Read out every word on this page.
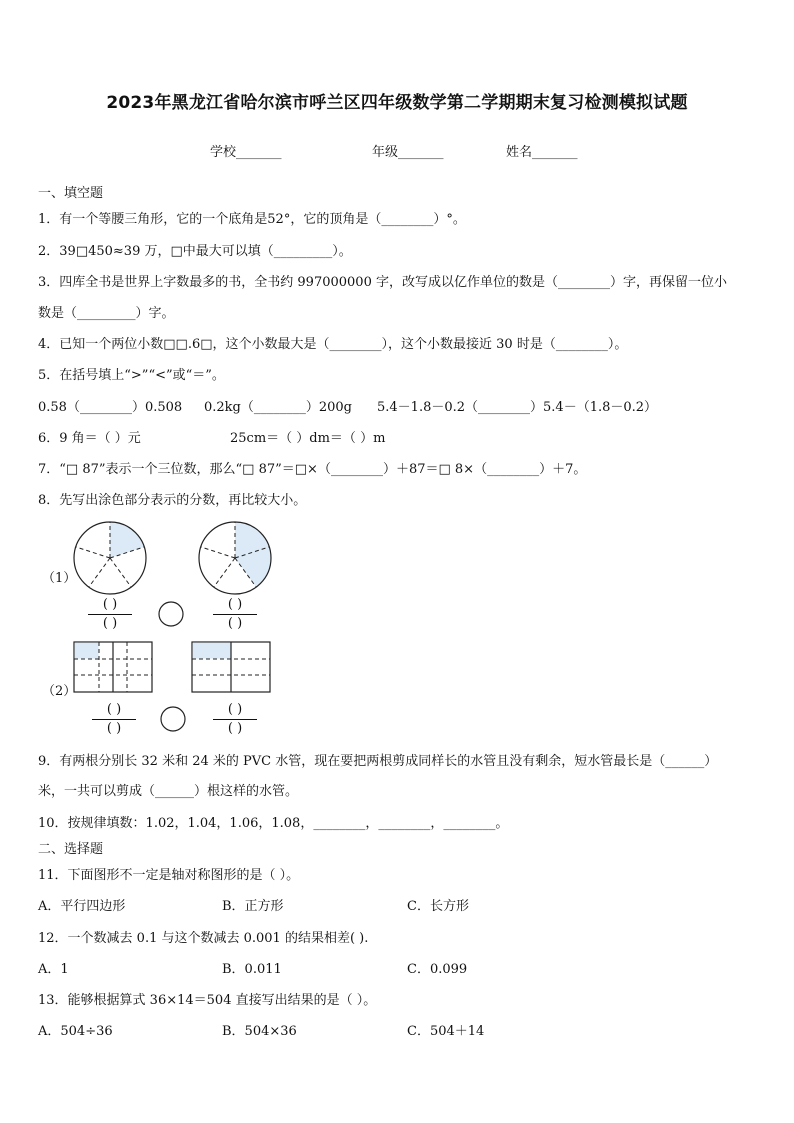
2023年黑龙江省哈尔滨市呼兰区四年级数学第二学期期末复习检测模拟试题
学校_______	年级_______	姓名_______
一、填空题
1．有一个等腰三角形，它的一个底角是52°，它的顶角是（________）°。
2．39□450≈39 万，□中最大可以填（_________）。
3．四库全书是世界上字数最多的书，全书约 997000000 字，改写成以亿作单位的数是（________）字，再保留一位小
数是（_________）字。
4．已知一个两位小数□□.6□，这个小数最大是（________），这个小数最接近 30 时是（________）。
5．在括号填上“>”“<”或“＝”。
0.58（________）0.508 0.2kg（________）200g 5.4－1.8－0.2（________）5.4－（1.8－0.2）
6．9 角＝（ ）元	25cm＝（ ）dm＝（ ）m
7．“□ 87”表示一个三位数，那么“□ 87”＝□×（________）＋87＝□ 8×（________）＋7。
8．先写出涂色部分表示的分数，再比较大小。
（1）
（2）
( )
( )
( )
( )
( )
( )
( )
( )
9．有两根分别长 32 米和 24 米的 PVC 水管，现在要把两根剪成同样长的水管且没有剩余，短水管最长是（______）
米，一共可以剪成（______）根这样的水管。
10．按规律填数：1.02，1.04，1.06，1.08，________，________，________。
二、选择题
11．下面图形不一定是轴对称图形的是（ ）。
A．平行四边形	B．正方形	C．长方形
12．一个数减去 0.1 与这个数减去 0.001 的结果相差( ).
A．1	B．0.011	C．0.099
13．能够根据算式 36×14＝504 直接写出结果的是（ ）。
A．504÷36	B．504×36	C．504＋14
